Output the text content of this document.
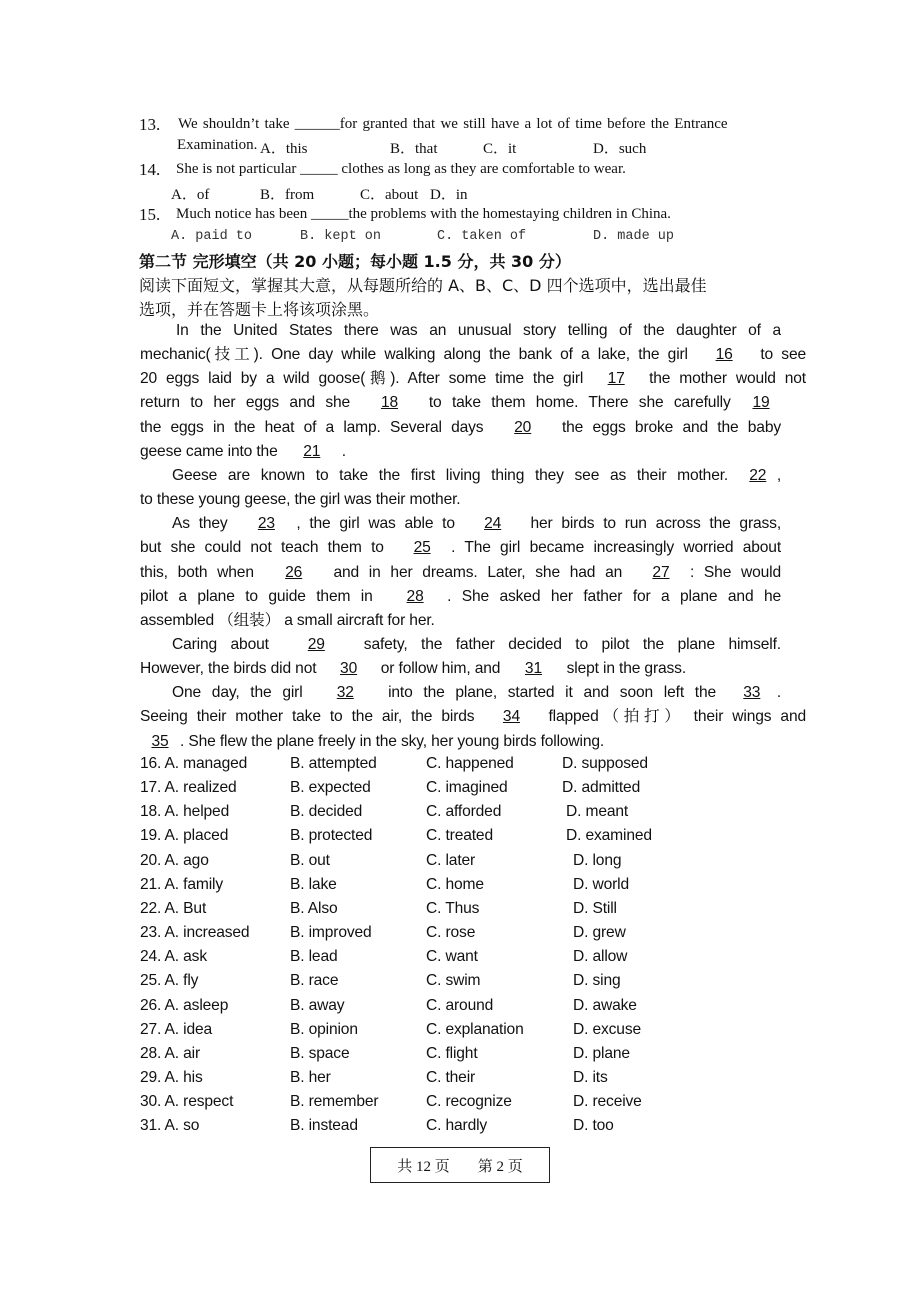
13. We shouldn’t take ______for granted that we still have a lot of time before the Entrance
Examination. A．this	B．that	C．it	D．such
14. She is not particular _____ clothes as long as they are comfortable to wear.
A．of	B．from	C．about D．in
15. Much notice has been _____the problems with the homestaying children in China.
A. paid to	B. kept on	C. taken of	D. made up
第二节 完形填空（共 20 小题；每小题 1.5 分，共 30 分）
阅读下面短文，掌握其大意，从每题所给的 A、B、C、D 四个选项中，选出最佳
选项，并在答题卡上将该项涂黑。
In the United States there was an unusual story telling of the daughter of a
mechanic(技工). One day while walking along the bank of a lake, the girl 16 to see
20 eggs laid by a wild goose(鹅). After some time the girl 17 the mother would not
return to her eggs and she 18 to take them home. There she carefully 19
the eggs in the heat of a lamp. Several days 20 the eggs broke and the baby
geese came into the 21 .
Geese are known to take the first living thing they see as their mother. 22 ,
to these young geese, the girl was their mother.
As they 23 , the girl was able to 24 her birds to run across the grass,
but she could not teach them to 25 . The girl became increasingly worried about
this, both when 26 and in her dreams. Later, she had an 27 : She would
pilot a plane to guide them in 28 . She asked her father for a plane and he
assembled （组装） a small aircraft for her.
Caring about 29 safety, the father decided to pilot the plane himself.
However, the birds did not 30 or follow him, and 31 slept in the grass.
One day, the girl 32 into the plane, started it and soon left the 33 .
Seeing their mother take to the air, the birds 34 flapped（拍打） their wings and
35 . She flew the plane freely in the sky, her young birds following.
16. A. managed	B. attempted	C. happened	D. supposed
17. A. realized	B. expected	C. imagined	D. admitted
18. A. helped	B. decided	C. afforded	D. meant
19. A. placed	B. protected	C. treated	D. examined
20. A. ago	B. out	C. later	D. long
21. A. family	B. lake	C. home	D. world
22. A. But	B. Also	C. Thus	D. Still
23. A. increased	B. improved	C. rose	D. grew
24. A. ask	B. lead	C. want	D. allow
25. A. fly	B. race	C. swim	D. sing
26. A. asleep	B. away	C. around	D. awake
27. A. idea	B. opinion	C. explanation	D. excuse
28. A. air	B. space	C. flight	D. plane
29. A. his	B. her	C. their	D. its
30. A. respect	B. remember	C. recognize	D. receive
31. A. so	B. instead	C. hardly	D. too
共 12 页 第 2 页
